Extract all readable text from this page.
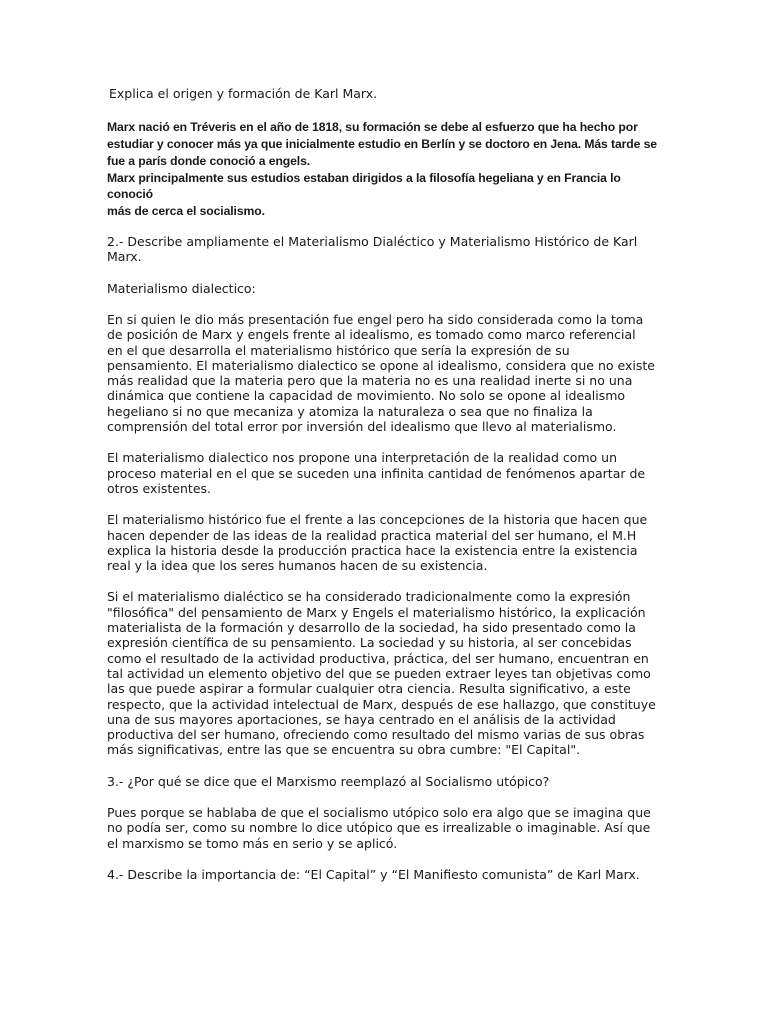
Explica el origen y formación de Karl Marx.

Marx nació en Tréveris en el año de 1818, su formación se debe al esfuerzo que ha hecho por
estudiar y conocer más ya que inicialmente estudio en Berlín y se doctoro en Jena. Más tarde se
fue a parís donde conoció a engels.
Marx principalmente sus estudios estaban dirigidos a la filosofía hegeliana y en Francia lo conoció
más de cerca el socialismo.

2.- Describe ampliamente el Materialismo Dialéctico y Materialismo Histórico de Karl
Marx.

Materialismo dialectico:

En si quien le dio más presentación fue engel pero ha sido considerada como la toma
de posición de Marx y engels frente al idealismo, es tomado como marco referencial
en el que desarrolla el materialismo histórico que sería la expresión de su
pensamiento. El materialismo dialectico se opone al idealismo, considera que no existe
más realidad que la materia pero que la materia no es una realidad inerte si no una
dinámica que contiene la capacidad de movimiento. No solo se opone al idealismo
hegeliano si no que mecaniza y atomiza la naturaleza o sea que no finaliza la
comprensión del total error por inversión del idealismo que llevo al materialismo.

El materialismo dialectico nos propone una interpretación de la realidad como un
proceso material en el que se suceden una infinita cantidad de fenómenos apartar de
otros existentes.

El materialismo histórico fue el frente a las concepciones de la historia que hacen que
hacen depender de las ideas de la realidad practica material del ser humano, el M.H
explica la historia desde la producción practica hace la existencia entre la existencia
real y la idea que los seres humanos hacen de su existencia.

Si el materialismo dialéctico se ha considerado tradicionalmente como la expresión
"filosófica" del pensamiento de Marx y Engels el materialismo histórico, la explicación
materialista de la formación y desarrollo de la sociedad, ha sido presentado como la
expresión científica de su pensamiento. La sociedad y su historia, al ser concebidas
como el resultado de la actividad productiva, práctica, del ser humano, encuentran en
tal actividad un elemento objetivo del que se pueden extraer leyes tan objetivas como
las que puede aspirar a formular cualquier otra ciencia. Resulta significativo, a este
respecto, que la actividad intelectual de Marx, después de ese hallazgo, que constituye
una de sus mayores aportaciones, se haya centrado en el análisis de la actividad
productiva del ser humano, ofreciendo como resultado del mismo varias de sus obras
más significativas, entre las que se encuentra su obra cumbre: "El Capital".

3.- ¿Por qué se dice que el Marxismo reemplazó al Socialismo utópico?

Pues porque se hablaba de que el socialismo utópico solo era algo que se imagina que
no podía ser, como su nombre lo dice utópico que es irrealizable o imaginable. Así que
el marxismo se tomo más en serio y se aplicó.

4.- Describe la importancia de: “El Capital” y “El Manifiesto comunista” de Karl Marx.
